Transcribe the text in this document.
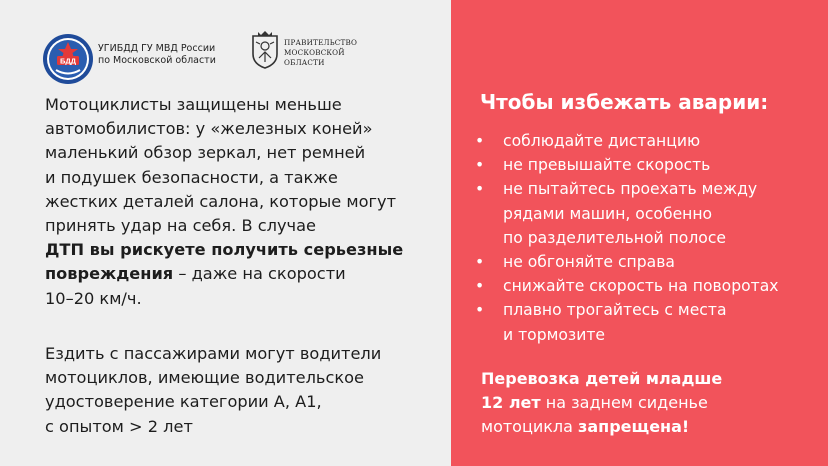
БДД
УГИБДД ГУ МВД России
по Московской области
ПРАВИТЕЛЬСТВО
МОСКОВСКОЙ
ОБЛАСТИ
Мотоциклисты защищены меньше
автомобилистов: у «железных коней»
маленький обзор зеркал, нет ремней
и подушек безопасности, а также
жестких деталей салона, которые могут
принять удар на себя. В случае
ДТП вы рискуете получить серьезные
повреждения – даже на скорости
10–20 км/ч.
Ездить с пассажирами могут водители
мотоциклов, имеющие водительское
удостоверение категории А, А1,
с опытом > 2 лет
Чтобы избежать аварии:
• соблюдайте дистанцию
• не превышайте скорость
• не пытайтесь проехать между
рядами машин, особенно
по разделительной полосе
• не обгоняйте справа
• снижайте скорость на поворотах
• плавно трогайтесь с места
и тормозите
Перевозка детей младше
12 лет на заднем сиденье
мотоцикла запрещена!
